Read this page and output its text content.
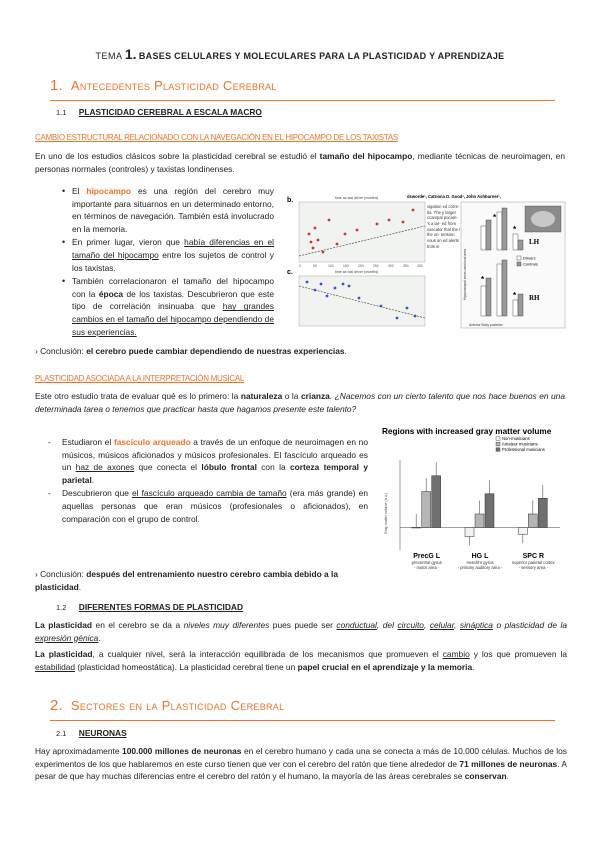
TEMA 1. BASES CELULARES Y MOLECULARES PARA LA PLASTICIDAD Y APRENDIZAJE
1. Antecedentes Plasticidad Cerebral
1.1 PLASTICIDAD CEREBRAL A ESCALA MACRO
CAMBIO ESTRUCTURAL RELACIONADO CON LA NAVEGACIÓN EN EL HIPOCAMPO DE LOS TAXISTAS

En uno de los estudios clásicos sobre la plasticidad cerebral se estudió el tamaño del hipocampo, mediante técnicas de neuroimagen, en personas normales (controles) y taxistas londinenses.

• El hipocampo es una región del cerebro muy importante para situarnos en un determinado entorno, en términos de navegación. También está involucrado en la memoria.
• En primer lugar, vieron que había diferencias en el tamaño del hipocampo entre los sujetos de control y los taxistas.
• También correlacionaron el tamaño del hipocampo con la época de los taxistas. Descubrieron que este tipo de correlación insinuaba que hay grandes cambios en el tamaño del hipocampo dependiendo de sus experiencias.
b.	time as taxi driver (months)
0	50	100	150	200	250	300	350 400
c.	time as taxi driver (months)
dsworde¹, Catriona D. Good¹, John Ashburner¹,
vigation ed corre- tia. The y larger ccampal pocam- 's a lar- ed from xxecator that the I the xn- tension vous on ed alerts trols in
Anterior Body posterior
Hippocampal cross-sectional area
*
*
LH
Drivers
Controls
*
* RH

› Conclusión: el cerebro puede cambiar dependiendo de nuestras experiencias.

PLASTICIDAD ASOCIADA A LA INTERPRETACIÓN MUSICAL

Este otro estudio trata de evaluar qué es lo primero: la naturaleza o la crianza. ¿Nacemos con un cierto talento que nos hace buenos en una determinada tarea o tenemos que practicar hasta que hagamos presente este talento?

- Estudiaron el fascículo arqueado a través de un enfoque de neuroimagen en no músicos, músicos aficionados y músicos profesionales. El fascículo arqueado es un haz de axones que conecta el lóbulo frontal con la corteza temporal y parietal.
- Descubrieron que el fascículo arqueado cambia de tamaño (era más grande) en aquellas personas que eran músicos (profesionales o aficionados), en comparación con el grupo de control.
Regions with increased gray matter volume
Gray matter volume (a.u.)
Non-musicians
Amateur musicians
Professional musicians
PrecG L
precentral gyrus
- motor area -
HG L
Heschl's gyrus
- primary auditory area -
SPC R
superior parietal cortex
- sensory area -

› Conclusión: después del entrenamiento nuestro cerebro cambia debido a la plasticidad.

1.2 DIFERENTES FORMAS DE PLASTICIDAD

La plasticidad en el cerebro se da a niveles muy diferentes pues puede ser conductual, del circuito, celular, sináptica o plasticidad de la expresión génica.

La plasticidad, a cualquier nivel, será la interacción equilibrada de los mecanismos que promueven el cambio y los que promueven la estabilidad (plasticidad homeostática). La plasticidad cerebral tiene un papel crucial en el aprendizaje y la memoria.

2. Sectores en la Plasticidad Cerebral
2.1 NEURONAS

Hay aproximadamente 100.000 millones de neuronas en el cerebro humano y cada una se conecta a más de 10.000 células. Muchos de los experimentos de los que hablaremos en este curso tienen que ver con el cerebro del ratón que tiene alrededor de 71 millones de neuronas. A pesar de que hay muchas diferencias entre el cerebro del ratón y el humano, la mayoría de las áreas cerebrales se conservan.
